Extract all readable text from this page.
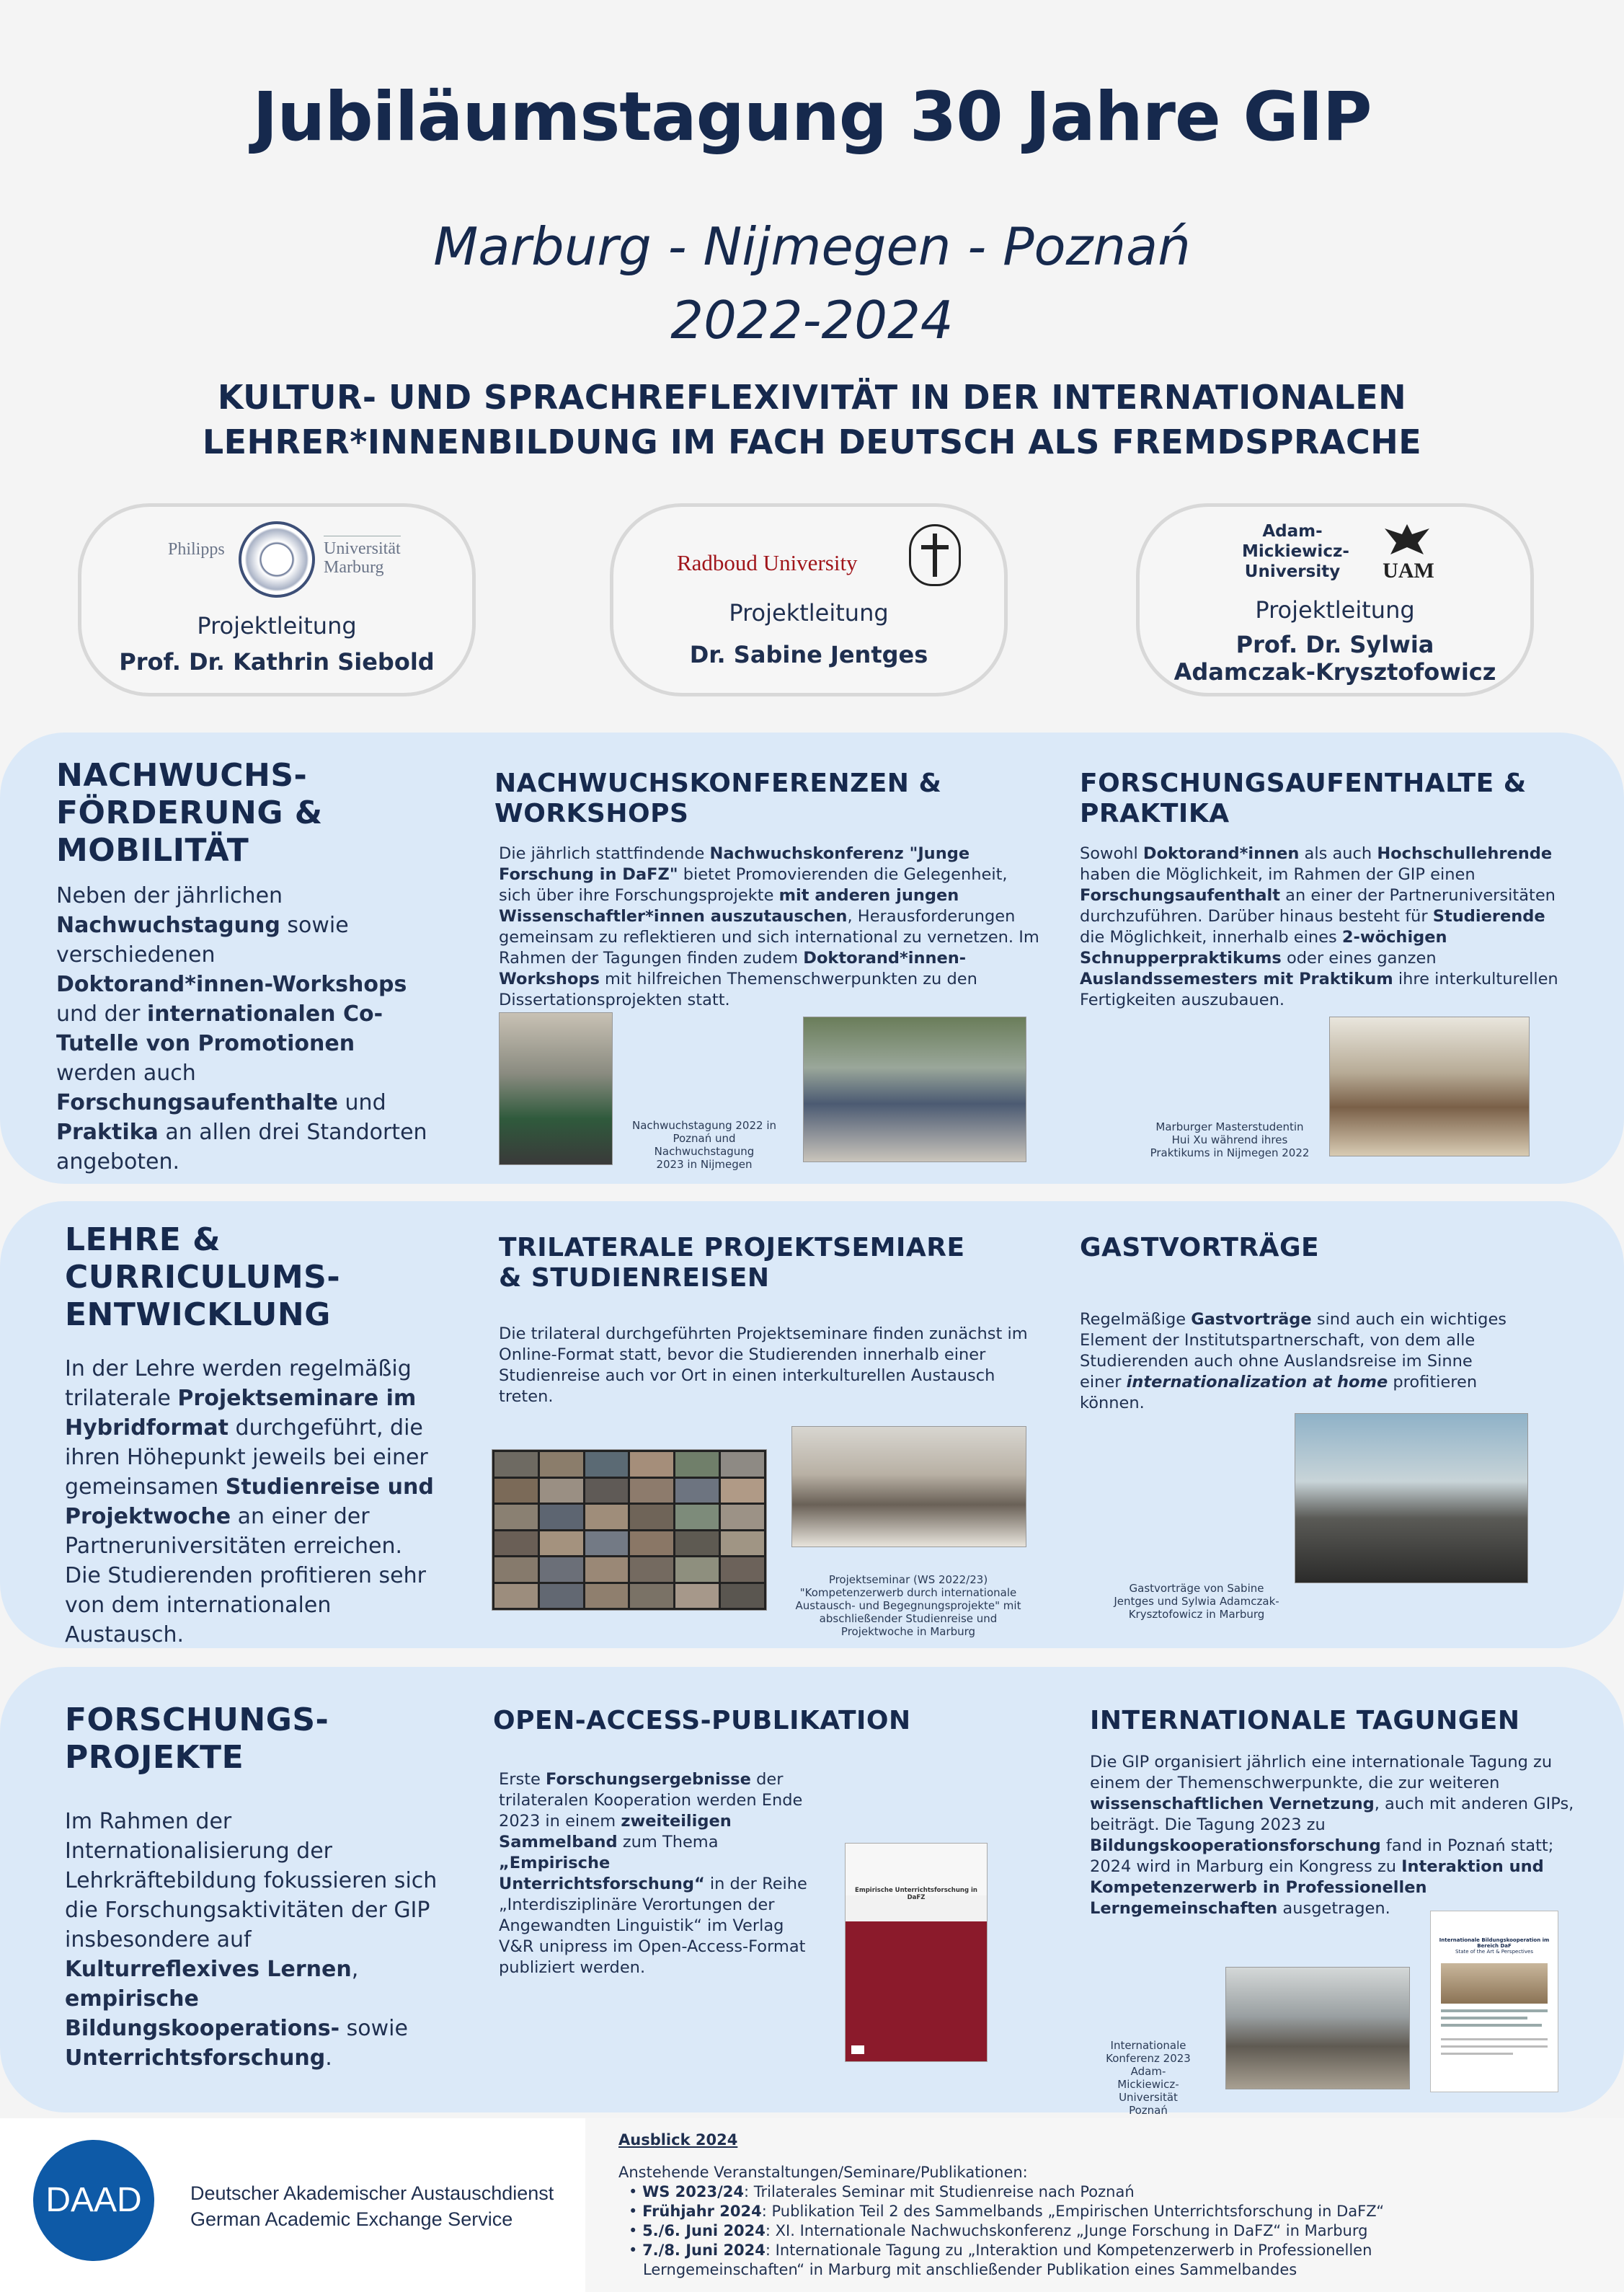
Jubiläumstagung 30 Jahre GIP
Marburg - Nijmegen - Poznań
2022-2024
KULTUR- UND SPRACHREFLEXIVITÄT IN DER INTERNATIONALEN
LEHRER*INNENBILDUNG IM FACH DEUTSCH ALS FREMDSPRACHE
Philipps	Universität
Marburg
Projektleitung
Prof. Dr. Kathrin Siebold
Radboud University
Projektleitung
Dr. Sabine Jentges
Adam-
Mickiewicz-
University UAM
Projektleitung
Prof. Dr. Sylwia
Adamczak-Krysztofowicz
NACHWUCHS-
FÖRDERUNG &
MOBILITÄT
Neben der jährlichen Nachwuchstagung sowie verschiedenen Doktorand*innen-Workshops und der internationalen Co-Tutelle von Promotionen werden auch Forschungsaufenthalte und Praktika an allen drei Standorten angeboten.
NACHWUCHSKONFERENZEN &
WORKSHOPS
Die jährlich stattfindende Nachwuchskonferenz "Junge Forschung in DaFZ" bietet Promovierenden die Gelegenheit, sich über ihre Forschungsprojekte mit anderen jungen Wissenschaftler*innen auszutauschen, Herausforderungen gemeinsam zu reflektieren und sich international zu vernetzen. Im Rahmen der Tagungen finden zudem Doktorand*innen-Workshops mit hilfreichen Themenschwerpunkten zu den Dissertationsprojekten statt.
Nachwuchstagung 2022 in
Poznań und Nachwuchstagung
2023 in Nijmegen
FORSCHUNGSAUFENTHALTE &
PRAKTIKA
Sowohl Doktorand*innen als auch Hochschullehrende haben die Möglichkeit, im Rahmen der GIP einen Forschungsaufenthalt an einer der Partneruniversitäten durchzuführen. Darüber hinaus besteht für Studierende die Möglichkeit, innerhalb eines 2-wöchigen Schnupperpraktikums oder eines ganzen Auslandssemesters mit Praktikum ihre interkulturellen Fertigkeiten auszubauen.
Marburger Masterstudentin
Hui Xu während ihres
Praktikums in Nijmegen 2022
LEHRE &
CURRICULUMS-
ENTWICKLUNG
In der Lehre werden regelmäßig trilaterale Projektseminare im Hybridformat durchgeführt, die ihren Höhepunkt jeweils bei einer gemeinsamen Studienreise und Projektwoche an einer der Partneruniversitäten erreichen. Die Studierenden profitieren sehr von dem internationalen Austausch.
TRILATERALE PROJEKTSEMIARE
& STUDIENREISEN
Die trilateral durchgeführten Projektseminare finden zunächst im Online-Format statt, bevor die Studierenden innerhalb einer Studienreise auch vor Ort in einen interkulturellen Austausch treten.
Projektseminar (WS 2022/23)
"Kompetenzerwerb durch internationale
Austausch- und Begegnungsprojekte" mit
abschließender Studienreise und
Projektwoche in Marburg
GASTVORTRÄGE
Regelmäßige Gastvorträge sind auch ein wichtiges Element der Institutspartnerschaft, von dem alle Studierenden auch ohne Auslandsreise im Sinne einer internationalization at home profitieren können.
Gastvorträge von Sabine
Jentges und Sylwia Adamczak-
Krysztofowicz in Marburg
FORSCHUNGS-
PROJEKTE
Im Rahmen der Internationalisierung der Lehrkräftebildung fokussieren sich die Forschungsaktivitäten der GIP insbesondere auf Kulturreflexives Lernen, empirische Bildungskooperations- sowie Unterrichtsforschung.
OPEN-ACCESS-PUBLIKATION
Erste Forschungsergebnisse der trilateralen Kooperation werden Ende 2023 in einem zweiteiligen Sammelband zum Thema „Empirische Unterrichtsforschung“ in der Reihe „Interdisziplinäre Verortungen der Angewandten Linguistik“ im Verlag V&R unipress im Open-Access-Format publiziert werden.
Empirische Unterrichtsforschung in DaFZ
INTERNATIONALE TAGUNGEN
Die GIP organisiert jährlich eine internationale Tagung zu einem der Themenschwerpunkte, die zur weiteren wissenschaftlichen Vernetzung, auch mit anderen GIPs, beiträgt. Die Tagung 2023 zu Bildungskooperationsforschung fand in Poznań statt; 2024 wird in Marburg ein Kongress zu Interaktion und Kompetenzerwerb in Professionellen Lerngemeinschaften ausgetragen.
Internationale
Konferenz 2023
Adam-Mickiewicz-
Universität Poznań
Internationale Bildungskooperation im Bereich DaF
State of the Art & Perspectives
DAAD	Deutscher Akademischer Austauschdienst
German Academic Exchange Service
Ausblick 2024
Anstehende Veranstaltungen/Seminare/Publikationen:
• WS 2023/24: Trilaterales Seminar mit Studienreise nach Poznań
• Frühjahr 2024: Publikation Teil 2 des Sammelbands „Empirischen Unterrichtsforschung in DaFZ“
• 5./6. Juni 2024: XI. Internationale Nachwuchskonferenz „Junge Forschung in DaFZ“ in Marburg
• 7./8. Juni 2024: Internationale Tagung zu „Interaktion und Kompetenzerwerb in Professionellen
Lerngemeinschaften“ in Marburg mit anschließender Publikation eines Sammelbandes
